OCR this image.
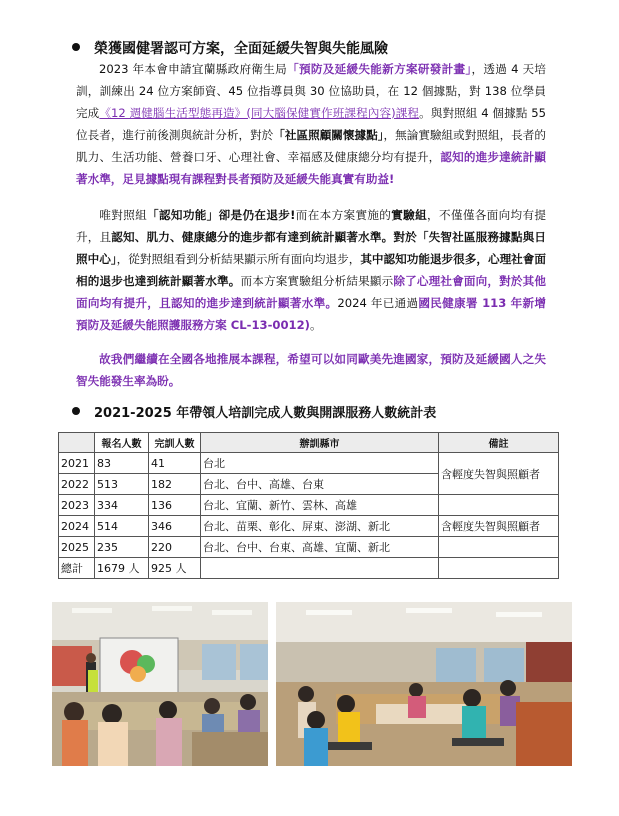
榮獲國健署認可方案，全面延緩失智與失能風險
2023 年本會申請宜蘭縣政府衛生局「預防及延緩失能新方案研發計畫」，透過 4 天培訓，訓練出 24 位方案師資、45 位指導員與 30 位協助員，在 12 個據點，對 138 位學員完成《12 週健腦生活型態再造》(同大腦保健實作班課程內容)課程。與對照組 4 個據點 55 位長者，進行前後測與統計分析，對於「社區照顧關懷據點」，無論實驗組或對照組，長者的肌力、生活功能、營養口牙、心理社會、幸福感及健康總分均有提升，認知的進步達統計顯著水準，足見據點現有課程對長者預防及延緩失能真實有助益!
唯對照組「認知功能」卻是仍在退步!而在本方案實施的實驗組，不僅僅各面向均有提升，且認知、肌力、健康總分的進步都有達到統計顯著水準。對於「失智社區服務據點與日照中心」，從對照組看到分析結果顯示所有面向均退步，其中認知功能退步很多，心理社會面相的退步也達到統計顯著水準。而本方案實驗組分析結果顯示除了心理社會面向，對於其他面向均有提升，且認知的進步達到統計顯著水準。2024 年已通過國民健康署 113 年新增預防及延緩失能照護服務方案 CL-13-0012)。
故我們繼續在全國各地推展本課程，希望可以如同歐美先進國家，預防及延緩國人之失智失能發生率為盼。
2021-2025 年帶領人培訓完成人數與開課服務人數統計表
	報名人數	完訓人數	辦訓縣市	備註
2021	83	41	台北	含輕度失智與照顧者
2022	513	182	台北、台中、高雄、台東	
2023	334	136	台北、宜蘭、新竹、雲林、高雄	
2024	514	346	台北、苗栗、彰化、屏東、澎湖、新北	含輕度失智與照顧者
2025	235	220	台北、台中、台東、高雄、宜蘭、新北	
總計	1679 人	925 人		
